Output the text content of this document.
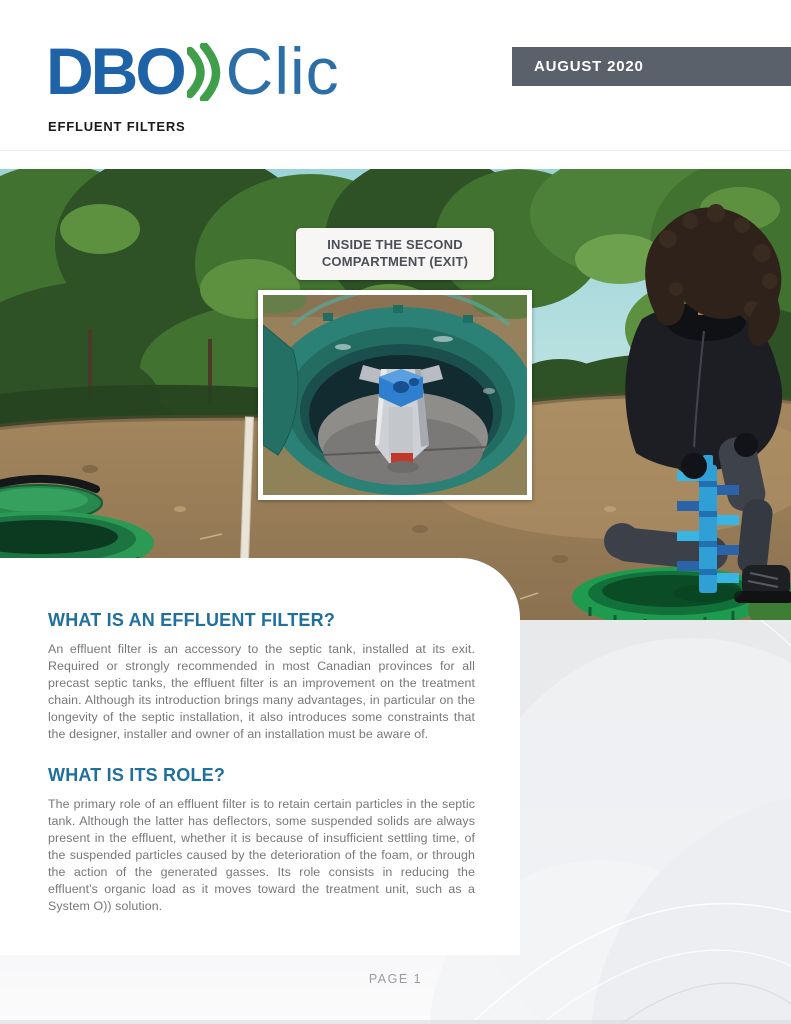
INSIDE THE SECOND COMPARTMENT (EXIT)
WHAT IS AN EFFLUENT FILTER?

An effluent filter is an accessory to the septic tank, installed at its exit. Required or strongly recommended in most Canadian provinces for all precast septic tanks, the effluent filter is an improvement on the treatment chain. Although its introduction brings many advantages, in particular on the longevity of the septic installation, it also introduces some constraints that the designer, installer and owner of an installation must be aware of.

WHAT IS ITS ROLE?

The primary role of an effluent filter is to retain certain particles in the septic tank. Although the latter has deflectors, some suspended solids are always present in the effluent, whether it is because of insufficient settling time, of the suspended particles caused by the deterioration of the foam, or through the action of the generated gasses. Its role consists in reducing the effluent's organic load as it moves toward the treatment unit, such as a System O)) solution.

DBO Clic	AUGUST 2020
EFFLUENT FILTERS
PAGE 1
